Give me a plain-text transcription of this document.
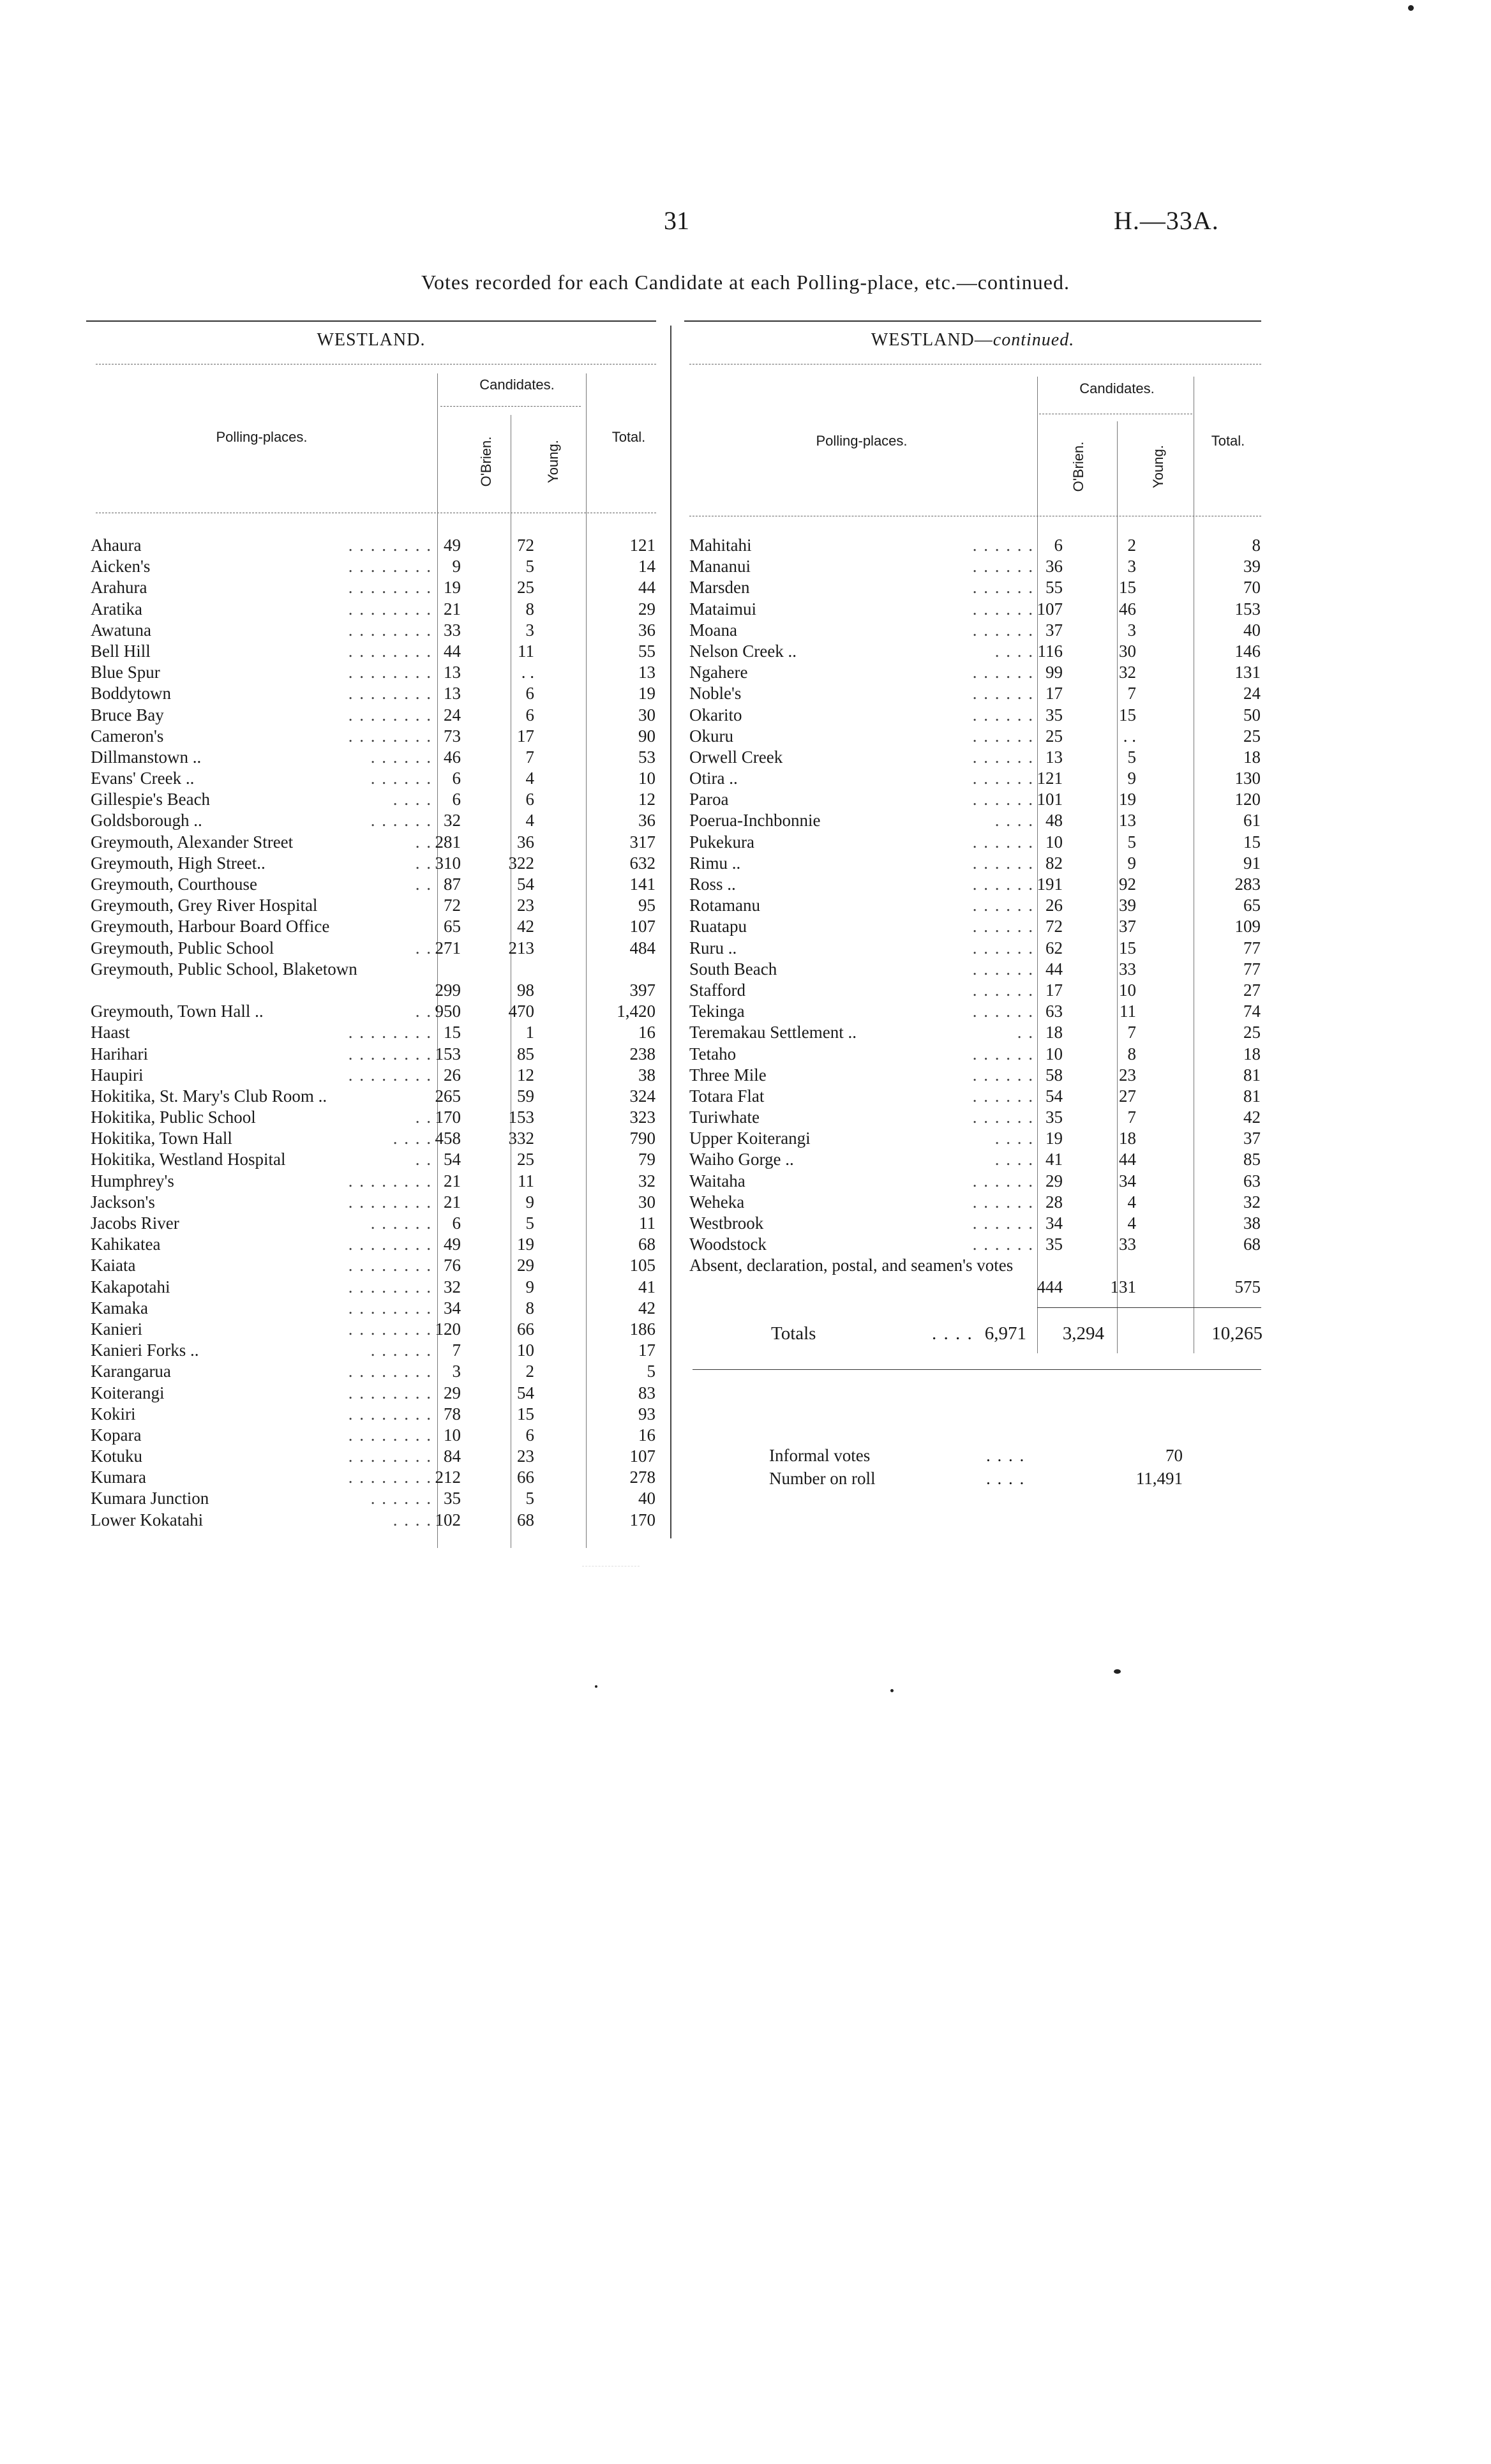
31	H.—33A.
Votes recorded for each Candidate at each Polling-place, etc.—continued.
WESTLAND.
Candidates.
Polling-places.	O'Brien.	Young.
Total.
WESTLAND—continued.
Candidates.
Polling-places.
O'Brien.	Young.
Total.
Ahaura	. . . . . . . . 49	72	121
Aicken's	. . . . . . . . 9	5	14
Arahura	. . . . . . . . 19	25	44
Aratika	. . . . . . . . 21	8	29
Awatuna	. . . . . . . . 33	3	36
Bell Hill	. . . . . . . . 44	11	55
Blue Spur	. . . . . . . . 13	. .	13
Boddytown	. . . . . . . . 13	6	19
Bruce Bay	. . . . . . . . 24	6	30
Cameron's	. . . . . . . . 73	17	90
Dillmanstown ..	. . . . . . 46	7	53
Evans' Creek ..	. . . . . . 6	4	10
Gillespie's Beach	. . . . 6	6	12
Goldsborough ..	. . . . . . 32	4	36
Greymouth, Alexander Street	. . 281	36	317
Greymouth, High Street..	. . 310	322	632
Greymouth, Courthouse	. . 87	54	141
Greymouth, Grey River Hospital	72	23	95
Greymouth, Harbour Board Office	65	42	107
Greymouth, Public School	. . 271	213	484
Greymouth, Public School, Blaketown
299	98	397
Greymouth, Town Hall ..	. . 950	470	1,420
Haast	. . . . . . . . 15	1	16
Harihari	. . . . . . . . 153	85	238
Haupiri	. . . . . . . . 26	12	38
Hokitika, St. Mary's Club Room ..	265	59	324
Hokitika, Public School	. . 170	153	323
Hokitika, Town Hall	. . . . 458	332	790
Hokitika, Westland Hospital	. . 54	25	79
Humphrey's	. . . . . . . . 21	11	32
Jackson's	. . . . . . . . 21	9	30
Jacobs River	. . . . . . 6	5	11
Kahikatea	. . . . . . . . 49	19	68
Kaiata	. . . . . . . . 76	29	105
Kakapotahi	. . . . . . . . 32	9	41
Kamaka	. . . . . . . . 34	8	42
Kanieri	. . . . . . . . 120	66	186
Kanieri Forks ..	. . . . . . 7	10	17
Karangarua	. . . . . . . . 3	2	5
Koiterangi	. . . . . . . . 29	54	83
Kokiri	. . . . . . . . 78	15	93
Kopara	. . . . . . . . 10	6	16
Kotuku	. . . . . . . . 84	23	107
Kumara	. . . . . . . . 212	66	278
Kumara Junction	. . . . . . 35	5	40
Lower Kokatahi	. . . . 102	68	170
Mahitahi	. . . . . . 6	2	8
Mananui	. . . . . . 36	3	39
Marsden	. . . . . . 55	15	70
Mataimui	. . . . . . 107	46	153
Moana	. . . . . . 37	3	40
Nelson Creek ..	. . . . 116	30	146
Ngahere	. . . . . . 99	32	131
Noble's	. . . . . . 17	7	24
Okarito	. . . . . . 35	15	50
Okuru	. . . . . . 25	. .	25
Orwell Creek	. . . . . . 13	5	18
Otira ..	. . . . . . 121	9	130
Paroa	. . . . . . 101	19	120
Poerua-Inchbonnie	. . . . 48	13	61
Pukekura	. . . . . . 10	5	15
Rimu ..	. . . . . . 82	9	91
Ross ..	. . . . . . 191	92	283
Rotamanu	. . . . . . 26	39	65
Ruatapu	. . . . . . 72	37	109
Ruru ..	. . . . . . 62	15	77
South Beach	. . . . . . 44	33	77
Stafford	. . . . . . 17	10	27
Tekinga	. . . . . . 63	11	74
Teremakau Settlement ..	. . 18	7	25
Tetaho	. . . . . . 10	8	18
Three Mile	. . . . . . 58	23	81
Totara Flat	. . . . . . 54	27	81
Turiwhate	. . . . . . 35	7	42
Upper Koiterangi	. . . . 19	18	37
Waiho Gorge ..	. . . . 41	44	85
Waitaha	. . . . . . 29	34	63
Weheka	. . . . . . 28	4	32
Westbrook	. . . . . . 34	4	38
Woodstock	. . . . . . 35	33	68
Absent, declaration, postal, and seamen's votes
444	131	575
Totals	. . . . 6,971 3,294	10,265
Informal votes	. . . .	70
Number on roll	. . . .	11,491
